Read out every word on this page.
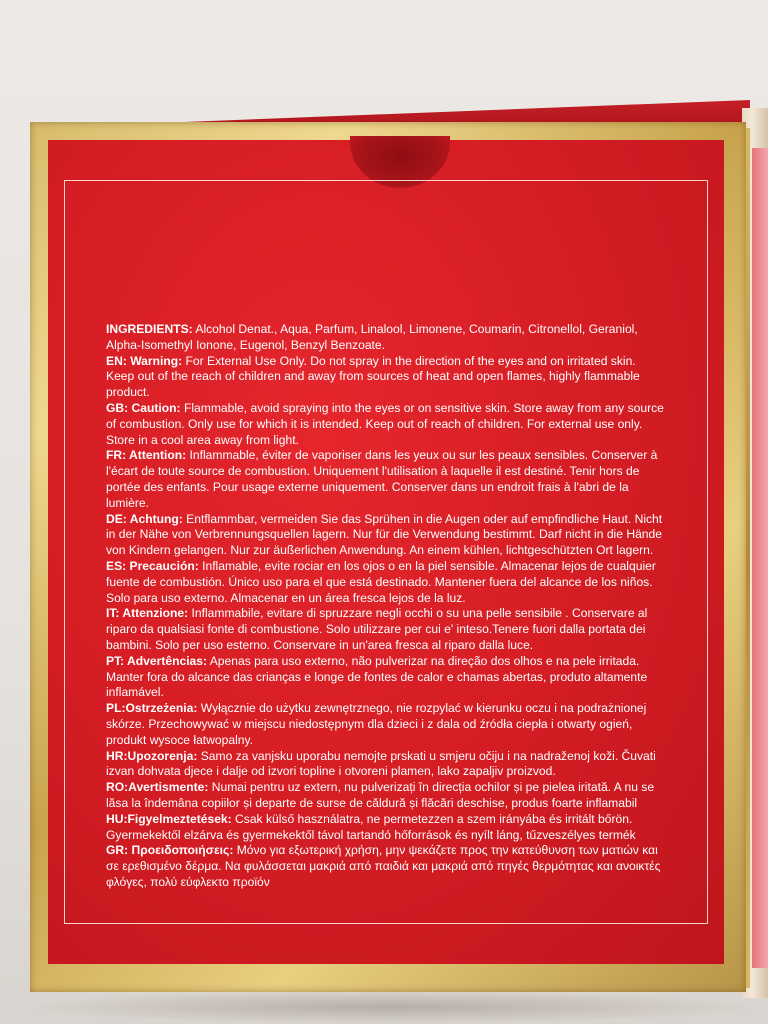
INGREDIENTS: Alcohol Denat., Aqua, Parfum, Linalool, Limonene, Coumarin, Citronellol, Geraniol, Alpha-Isomethyl Ionone, Eugenol, Benzyl Benzoate.

EN: Warning: For External Use Only. Do not spray in the direction of the eyes and on irritated skin. Keep out of the reach of children and away from sources of heat and open flames, highly flammable product.

GB: Caution: Flammable, avoid spraying into the eyes or on sensitive skin. Store away from any source of combustion. Only use for which it is intended. Keep out of reach of children. For external use only. Store in a cool area away from light.

FR: Attention: Inflammable, éviter de vaporiser dans les yeux ou sur les peaux sensibles. Conserver à l'écart de toute source de combustion. Uniquement l'utilisation à laquelle il est destiné. Tenir hors de portée des enfants. Pour usage externe uniquement. Conserver dans un endroit frais à l'abri de la lumière.

DE: Achtung: Entflammbar, vermeiden Sie das Sprühen in die Augen oder auf empfindliche Haut. Nicht in der Nähe von Verbrennungsquellen lagern. Nur für die Verwendung bestimmt. Darf nicht in die Hände von Kindern gelangen. Nur zur äußerlichen Anwendung. An einem kühlen, lichtgeschützten Ort lagern.

ES: Precaución: Inflamable, evite rociar en los ojos o en la piel sensible. Almacenar lejos de cualquier fuente de combustión. Único uso para el que está destinado. Mantener fuera del alcance de los niños. Solo para uso externo. Almacenar en un área fresca lejos de la luz.

IT: Attenzione: Inflammabile, evitare di spruzzare negli occhi o su una pelle sensibile . Conservare al riparo da qualsiasi fonte di combustione. Solo utilizzare per cui e' inteso.Tenere fuori dalla portata dei bambini. Solo per uso esterno. Conservare in un'area fresca al riparo dalla luce.

PT: Advertências: Apenas para uso externo, não pulverizar na direção dos olhos e na pele irritada. Manter fora do alcance das crianças e longe de fontes de calor e chamas abertas, produto altamente inflamável.

PL:Ostrzeżenia: Wyłącznie do użytku zewnętrznego, nie rozpylać w kierunku oczu i na podrażnionej skórze. Przechowywać w miejscu niedostępnym dla dzieci i z dala od źródła ciepła i otwarty ogień, produkt wysoce łatwopalny.

HR:Upozorenja: Samo za vanjsku uporabu nemojte prskati u smjeru očiju i na nadraženoj koži. Čuvati izvan dohvata djece i dalje od izvori topline i otvoreni plamen, lako zapaljiv proizvod.

RO:Avertismente: Numai pentru uz extern, nu pulverizați în direcția ochilor și pe pielea iritată. A nu se lăsa la îndemâna copiilor și departe de surse de căldură și flăcări deschise, produs foarte inflamabil

HU:Figyelmeztetések: Csak külső használatra, ne permetezzen a szem irányába és irritált bőrön. Gyermekektől elzárva és gyermekektől távol tartandó hőforrások és nyílt láng, tűzveszélyes termék

GR: Προειδοποιήσεις: Μόνο για εξωτερική χρήση, μην ψεκάζετε προς την κατεύθυνση των ματιών και σε ερεθισμένο δέρμα. Να φυλάσσεται μακριά από παιδιά και μακριά από πηγές θερμότητας και ανοικτές φλόγες, πολύ εύφλεκτο προϊόν
